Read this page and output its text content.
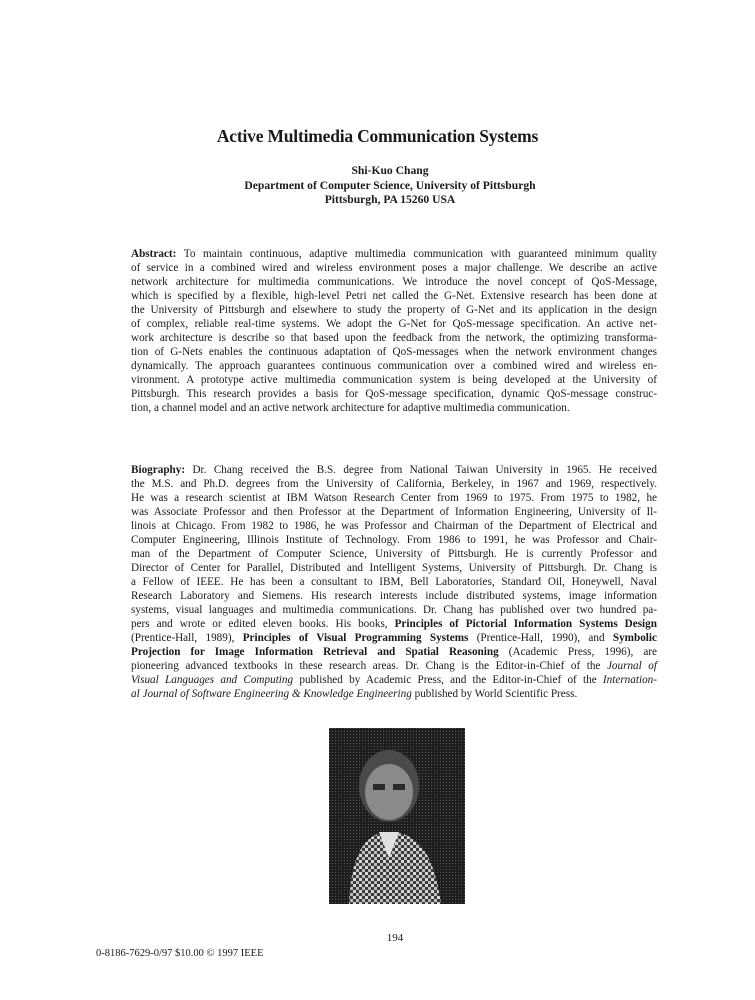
Active Multimedia Communication Systems
Shi-Kuo Chang
Department of Computer Science, University of Pittsburgh
Pittsburgh, PA 15260 USA
Abstract: To maintain continuous, adaptive multimedia communication with guaranteed minimum quality
of service in a combined wired and wireless environment poses a major challenge. We describe an active
network architecture for multimedia communications. We introduce the novel concept of QoS-Message,
which is specified by a flexible, high-level Petri net called the G-Net. Extensive research has been done at
the University of Pittsburgh and elsewhere to study the property of G-Net and its application in the design
of complex, reliable real-time systems. We adopt the G-Net for QoS-message specification. An active net-
work architecture is describe so that based upon the feedback from the network, the optimizing transforma-
tion of G-Nets enables the continuous adaptation of QoS-messages when the network environment changes
dynamically. The approach guarantees continuous communication over a combined wired and wireless en-
vironment. A prototype active multimedia communication system is being developed at the University of
Pittsburgh. This research provides a basis for QoS-message specification, dynamic QoS-message construc-
tion, a channel model and an active network architecture for adaptive multimedia communication.
Biography: Dr. Chang received the B.S. degree from National Taiwan University in 1965. He received
the M.S. and Ph.D. degrees from the University of California, Berkeley, in 1967 and 1969, respectively.
He was a research scientist at IBM Watson Research Center from 1969 to 1975. From 1975 to 1982, he
was Associate Professor and then Professor at the Department of Information Engineering, University of Il-
linois at Chicago. From 1982 to 1986, he was Professor and Chairman of the Department of Electrical and
Computer Engineering, Illinois Institute of Technology. From 1986 to 1991, he was Professor and Chair-
man of the Department of Computer Science, University of Pittsburgh. He is currently Professor and
Director of Center for Parallel, Distributed and Intelligent Systems, University of Pittsburgh. Dr. Chang is
a Fellow of IEEE. He has been a consultant to IBM, Bell Laboratories, Standard Oil, Honeywell, Naval
Research Laboratory and Siemens. His research interests include distributed systems, image information
systems, visual languages and multimedia communications. Dr. Chang has published over two hundred pa-
pers and wrote or edited eleven books. His books, Principles of Pictorial Information Systems Design
(Prentice-Hall, 1989), Principles of Visual Programming Systems (Prentice-Hall, 1990), and Symbolic
Projection for Image Information Retrieval and Spatial Reasoning (Academic Press, 1996), are
pioneering advanced textbooks in these research areas. Dr. Chang is the Editor-in-Chief of the Journal of
Visual Languages and Computing published by Academic Press, and the Editor-in-Chief of the Internation-
al Journal of Software Engineering & Knowledge Engineering published by World Scientific Press.
194
0-8186-7629-0/97 $10.00 © 1997 IEEE
